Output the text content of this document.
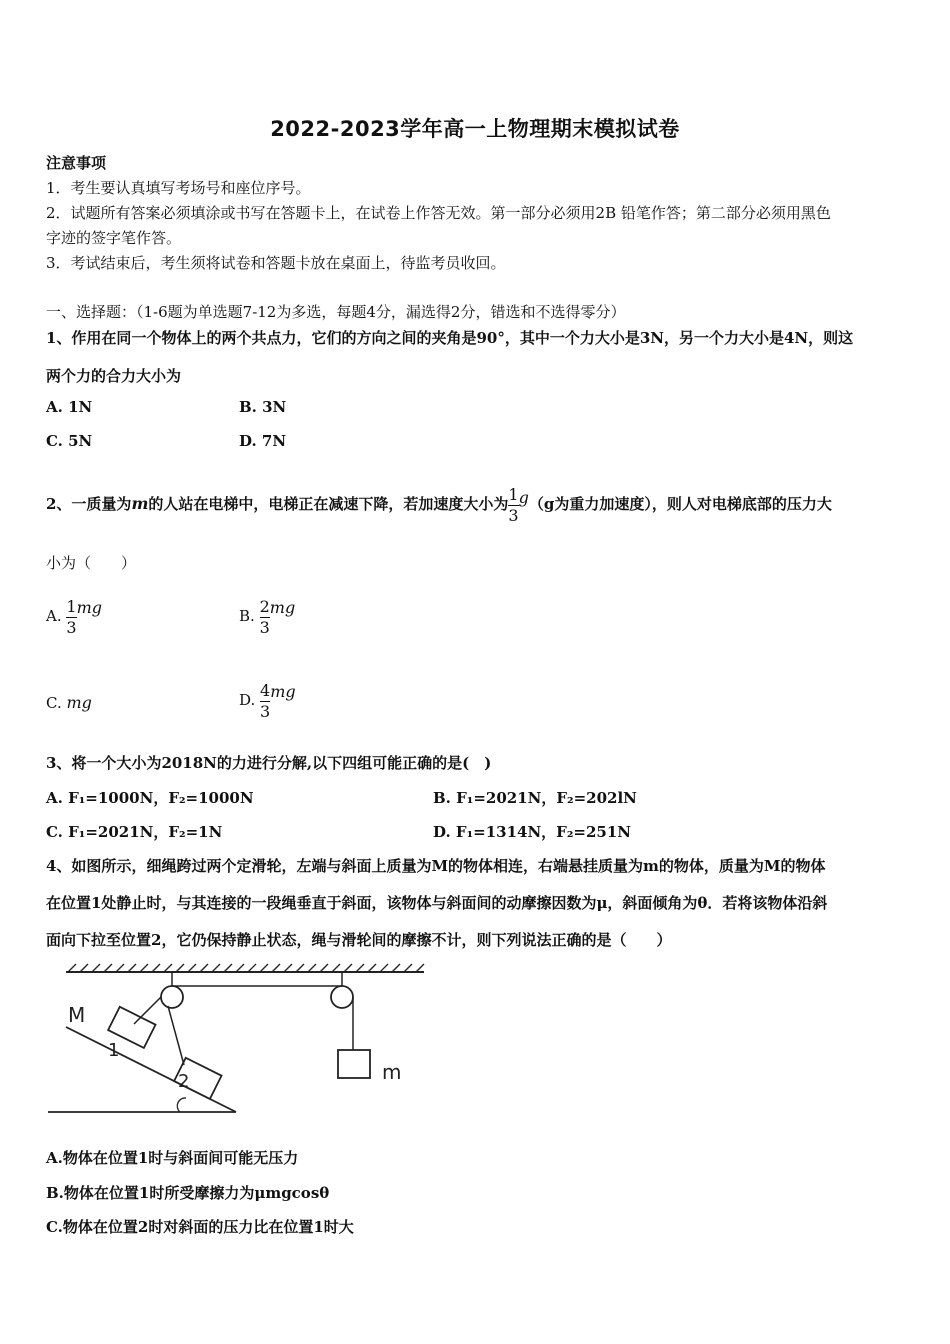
2022-2023学年高一上物理期末模拟试卷
注意事项
1．考生要认真填写考场号和座位序号。
2．试题所有答案必须填涂或书写在答题卡上，在试卷上作答无效。第一部分必须用2B 铅笔作答；第二部分必须用黑色
字迹的签字笔作答。
3．考试结束后，考生须将试卷和答题卡放在桌面上，待监考员收回。
一、选择题：（1-6题为单选题7-12为多选，每题4分，漏选得2分，错选和不选得零分）
1、作用在同一个物体上的两个共点力，它们的方向之间的夹角是90°，其中一个力大小是3N，另一个力大小是4N，则这
两个力的合力大小为
A. 1N	B. 3N
C. 5N	D. 7N
2、一质量为m的人站在电梯中，电梯正在减速下降，若加速度大小为 $\frac{1}{3} g(g$为重力加速度），则人对电梯底部的压力大
小为（　　）
A. $\frac{1}{3}$ mg	B. $\frac{2}{3}$ mg
C. mg	D. $\frac{4}{3}$ mg
3、将一个大小为2018N的力进行分解,以下四组可能正确的是(　)
A. F₁=1000N，F₂=1000N	B. F₁=2021N，F₂=202lN
C. F₁=2021N，F₂=1N	D. F₁=1314N，F₂=251N
4、如图所示，细绳跨过两个定滑轮，左端与斜面上质量为M的物体相连，右端悬挂质量为m的物体，质量为M的物体
在位置1处静止时，与其连接的一段绳垂直于斜面，该物体与斜面间的动摩擦因数为μ，斜面倾角为θ．若将该物体沿斜
面向下拉至位置2，它仍保持静止状态，绳与滑轮间的摩擦不计，则下列说法正确的是（　　）
m
1
2
M
A.物体在位置1时与斜面间可能无压力
B.物体在位置1时所受摩擦力为μmgcosθ
C.物体在位置2时对斜面的压力比在位置1时大
